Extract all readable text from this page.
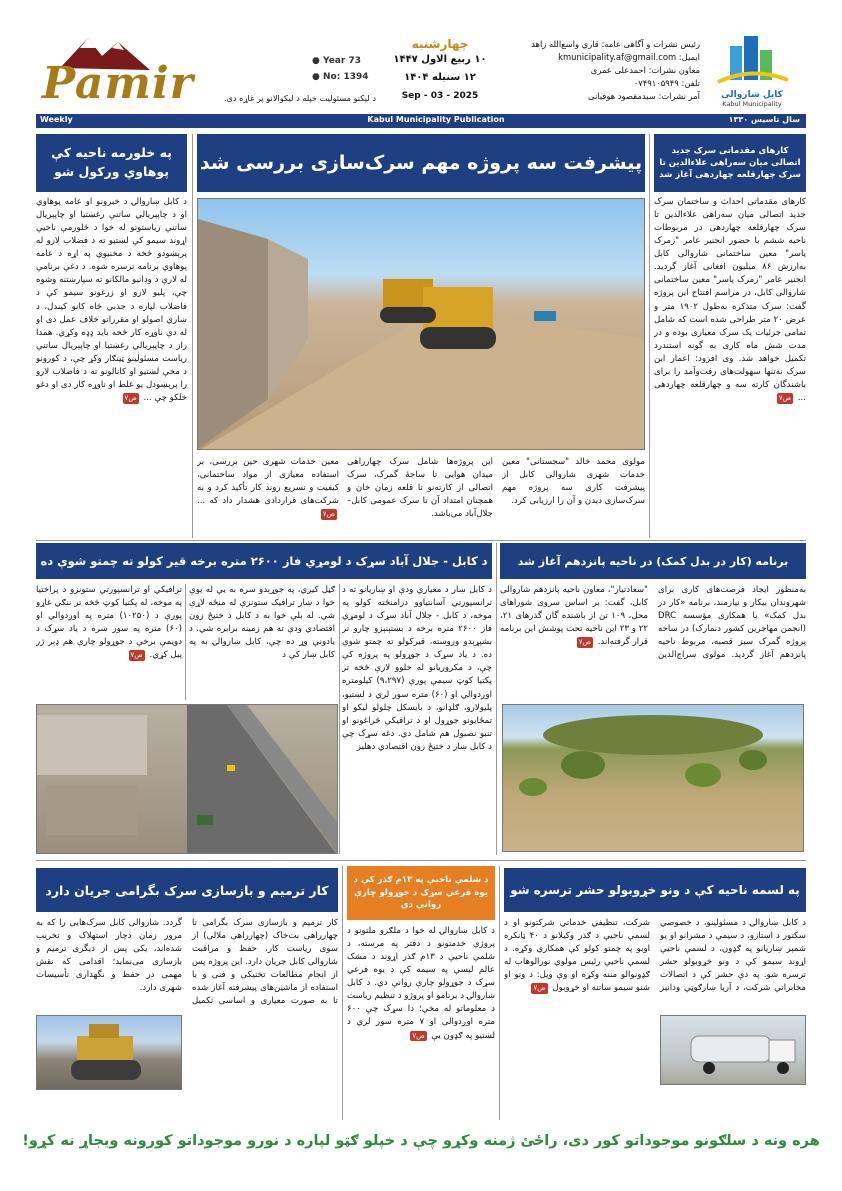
Pamir	● Year 73
● No: 1394
چهارشنبه
۱۰ ربیع الاول ۱۴۴۷
۱۲ سنبله ۱۴۰۴
Sep - 03 - 2025
د لیکنو مسئولیت خپله د لیکوالانو پر غاړه دی.
رئیس نشرات و آگاهی عامه: قاري واسع‌الله زاهد
ایمیل: kmunicipality.af@gmail.com
معاون نشرات: احمدعلی عمری
تلفن: ۰۷۴۹۱۰۵۹۴۹
آمر نشرات: سیدمقصود هوفیانی	کابل ښاروالی
Kabul Municipality
Weekly	Kabul Municipality Publication	سال تاسیس ۱۳۳۰
کارهای مقدماتی سرک جدید اتصالی میان سه‌راهی علاءالدین تا سرک چهارقلعه چهاردهی آغاز شد
کارهای مقدماتی احداث و ساختمان سرک جدید اتصالی میان سه‌راهی علاءالدین تا سرک چهارقلعه چهاردهی در مربوطات ناحیه ششم با حضور انجنیر عامر "زمرک یاسر" معین ساختمانی شاروالی کابل به‌ارزش ۸۶ میلیون افغانی آغاز گردید. انجنیر عامر "زمرک یاسر" معین ساختمانی شاروالی کابل، در مراسم افتتاح این پروژه گفت: سرک متذکره به‌طول ۱۹۰۲ متر و عرض ۲۰ متر طراحی شده است که شامل تمامی جزئیات یک سرک معیاری بوده و در مدت شش ماه کاری به گونه استندرد تکمیل خواهد شد. وی افزود: اعمار این سرک نه‌تنها سهولت‌های رفت‌وآمد را برای باشندگان کارته سه و چهارقلعه چهاردهی ... ص۷
پیشرفت سه پروژه مهم سرک‌سازی بررسی شد
مولوی محمد خالد "سجستانی" معین خدمات شهری شاروالی کابل از پیشرفت کاری سه پروژه مهم سرک‌سازی دیدن و آن را ارزیابی کرد.
این پروژه‌ها شامل سرک چهارراهی میدان هوایی تا ساحهٔ گمرک، سرک اتصالی از کارته‌نو تا قلعه زمان خان و همچنان امتداد آن تا سرک عمومی کابل–جلال‌آباد می‌باشد.
معین خدمات شهری حین بررسی، بر استفاده معیاری از مواد ساختمانی، کیفیت و تسریع روند کار تأکید کرد و به شرکت‌های قراردادی هشدار داد که ... ص۷
په خلورمه ناحیه کې پوهاوي ورکول شو
د کابل ښاروالۍ د خبرونو او عامه پوهاوي او د چاپېریالي ساتنې رغښتيا او چاپېریال ساتنې ریاستونو له خوا د څلورمې ناحیې اړوند سیمو کې لښتیو ته د فضلاب لارو له پرېښودو څخه د مخنیوي په اړه د عامه پوهاوي برنامه ترسره شوه. د دغې برنامې له لارې د ودانیو مالکانو ته سپارښتنه وشوه چې، پلیو لارو او زرغونو سیمو کې د فاضلاب لپاره د جذبي څاه کانو کیندل، د ښاري اصولو او مقرراتو خلاف عمل دی او له دې ناوړه کار څخه باید ډډه وکړي. همدا راز د چاپېریالي رغښتيا او چاپېریال ساتنې ریاست مسئولینو ټینګار وکړ چې، د کورونو د مخې لښتیو او کانالونو ته د فاضلاب لارو را پرېښودل یو غلط او ناوړه کار دی او دغو خلکو چې ... ص۷
برنامه (کار در بدل کمک) در ناحیه پانزدهم آغاز شد
به‌منظور ایجاد فرصت‌های کاری برای شهروندان بیکار و نیازمند، برنامه «کار در بدل کمک» با همکاری مؤسسه DRC (انجمن مهاجرین کشور دنمارک) در ساحه پروژه گمرک سبز قصبه، مربوط ناحیه پانزدهم آغاز گردید. مولوی سراج‌الدین "سعادتیار"، معاون ناحیه پانزدهم شاروالی کابل، گفت: بر اساس سروی شوراهای محل، ۱۰۹ تن از باشنده گان گذرهای ۲۱، ۲۲ و ۲۳ این ناحیه تحت پوشش این برنامه قرار گرفته‌اند. ص۷
د کابل - جلال آباد سړک د لومړي فاز ۲۶۰۰ متره برخه قیر کولو ته چمتو شوې ده
د کابل ښار د معیاري ودې او ښاریانو ته د ترانسپورتي آسانتیاوو درامنځته کولو په موخه، د کابل - جلال آباد سړک د لومړي فاز ۲۶۰۰ متره برخه د بښتېنېزو چارو تر بشپړېدو وروسته، قیرکولو ته چمتو شوې ده. د یاد سړک د جوړولو په پروژه کې چې، د مکروریانو له خلوو لارې څخه تر پکتیا کوټ سیمې پورې (۹،۲۹۷) کیلومتره اوږدوالي او (۶۰) متره سور لري د لښتیو، پلیولارو، ګلډانو، د بایسکل چلولو لیکو او تمځایونو جوړول او د ترافیکي څراغونو او تنبو نصبول هم شامل دي. دغه سړک چې د کابل ښار د ختیځ زون اقتصادي دهلیز
ګڼل کیږي، په جوړېدو سره به یې له یوې خوا د ښار ترافیک ستونزې له منځه لاړې شي. له بلې خوا به د کابل د ختیځ زون اقتصادي ودې ته هم زمینه برابره شي. د یادونې وړ ده چې، کابل ښاروالۍ به په کابل ښار کې د
ترافیکي او ترانسپورتي ستونزو د پراختیا په موخه، له پکتیا کوټ څخه تر ننګي غاړو پورې د (۱۰۲۵۰) متره په اوږدوالي او (۶۰) متره په سور سره د یاد سړک د دویمې برخې د جوړولو چارې هم ډېر ژر پیل کړي. ص۷
په لسمه ناحیه کې د ونو خړوبولو حشر ترسره شو
د کابل ښاروالۍ د مسئولینو، د خصوصي سکتور د استازو، د سیمې د مشرانو او یو شمېر ښاریانو په ګډون، د لسمې ناحیې اړوند سیمو کې د ونو خړوبولو حشر ترسره شو. په دې حشر کې د اتصالات مخابراتي شرکت، د آریا ښارګوټي ودانیز شرکت، تنظیفي خدماتي شرکتونو او د لسمې ناحیې د ګذر وکیلانو د ۴۰ ټانکره اوبو په چمتو کولو کې همکاري وکړه. د لسمې ناحیې رئیس مولوي نورالوهاب له ګډونوالو مننه وکړه او وې ویل: د ونو او شنو سیمو ساتنه او خړوبول ص۷
د شلمې ناحیې په ۱۳م ګذر کې د یوه فرعي سړک د جوړولو چارې روانې دي
د کابل ښاروالۍ له خوا د ملګرو ملتونو د پروژې خدمتونو د دفتر په مرسته، د شلمې ناحیې د ۱۳م ګذر اړوند د مشک عالم لیسې په سیمه کې د یوه فرعي سړک د جوړولو چارې روانې دي. د کابل ښاروالۍ د برنامو او پروژو د تنظیم ریاست د معلوماتو له مخې؛ دا سړک چې ۶۰۰ متره اوږدوالی او ۷ متره سور لري د لښتیو په ګډون یې ص۷
کار ترمیم و بازسازی سرک بگرامی جریان دارد
کار ترمیم و بازسازی سرک بگرامی تا چهارراهی بت‌خاک (چهارراهی ملالی) از سوی ریاست کار، حفظ و مراقبت شاروالی کابل جریان دارد. این پروژه پس از انجام مطالعات تخنیکی و فنی و با استفاده از ماشین‌های پیشرفته آغاز شده تا به صورت معیاری و اساسی تکمیل گردد. شاروالی کابل سرک‌هایی را که به مرور زمان دچار استهلاک و تخریب شده‌اند، یکی پس از دیگری ترمیم و بازسازی می‌نماید؛ اقدامی که نقش مهمی در حفظ و نگهداری تأسیسات شهری دارد.
هره ونه د سلګونو موجوداتو کور دی، راځئ ژمنه وکړو چې د خپلو ګټو لپاره د نورو موجوداتو کورونه ویجاړ نه کړو!
